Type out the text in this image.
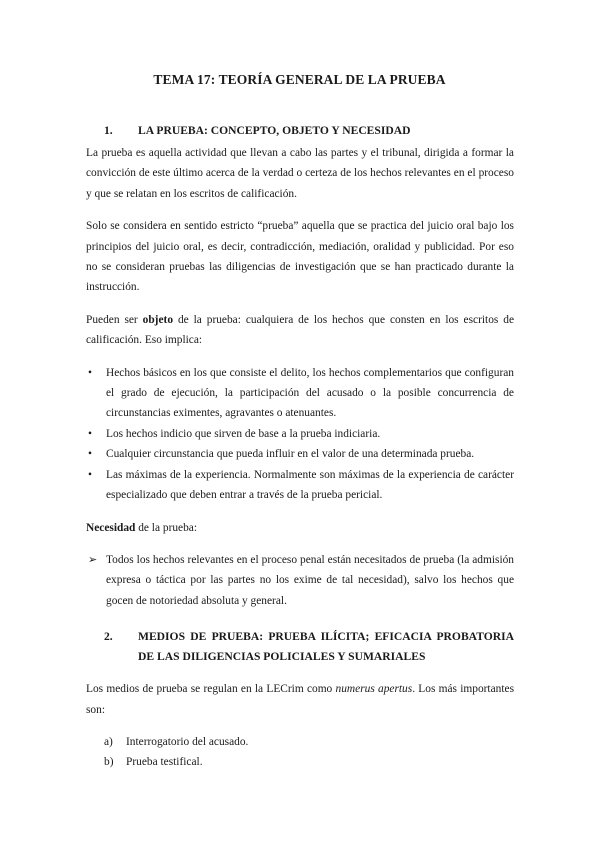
TEMA 17: TEORÍA GENERAL DE LA PRUEBA
1.	LA PRUEBA: CONCEPTO, OBJETO Y NECESIDAD

La prueba es aquella actividad que llevan a cabo las partes y el tribunal, dirigida a formar la convicción de este último acerca de la verdad o certeza de los hechos relevantes en el proceso y que se relatan en los escritos de calificación.

Solo se considera en sentido estricto “prueba” aquella que se practica del juicio oral bajo los principios del juicio oral, es decir, contradicción, mediación, oralidad y publicidad. Por eso no se consideran pruebas las diligencias de investigación que se han practicado durante la instrucción.

Pueden ser objeto de la prueba: cualquiera de los hechos que consten en los escritos de calificación. Eso implica:

•	Hechos básicos en los que consiste el delito, los hechos complementarios que configuran el grado de ejecución, la participación del acusado o la posible concurrencia de circunstancias eximentes, agravantes o atenuantes.
•	Los hechos indicio que sirven de base a la prueba indiciaria.
•	Cualquier circunstancia que pueda influir en el valor de una determinada prueba.
•	Las máximas de la experiencia. Normalmente son máximas de la experiencia de carácter especializado que deben entrar a través de la prueba pericial.

Necesidad de la prueba:

➢ Todos los hechos relevantes en el proceso penal están necesitados de prueba (la admisión expresa o táctica por las partes no los exime de tal necesidad), salvo los hechos que gocen de notoriedad absoluta y general.
2.	MEDIOS DE PRUEBA: PRUEBA ILÍCITA; EFICACIA PROBATORIA DE LAS DILIGENCIAS POLICIALES Y SUMARIALES

Los medios de prueba se regulan en la LECrim como numerus apertus. Los más importantes son:

a)	Interrogatorio del acusado.
b)	Prueba testifical.
